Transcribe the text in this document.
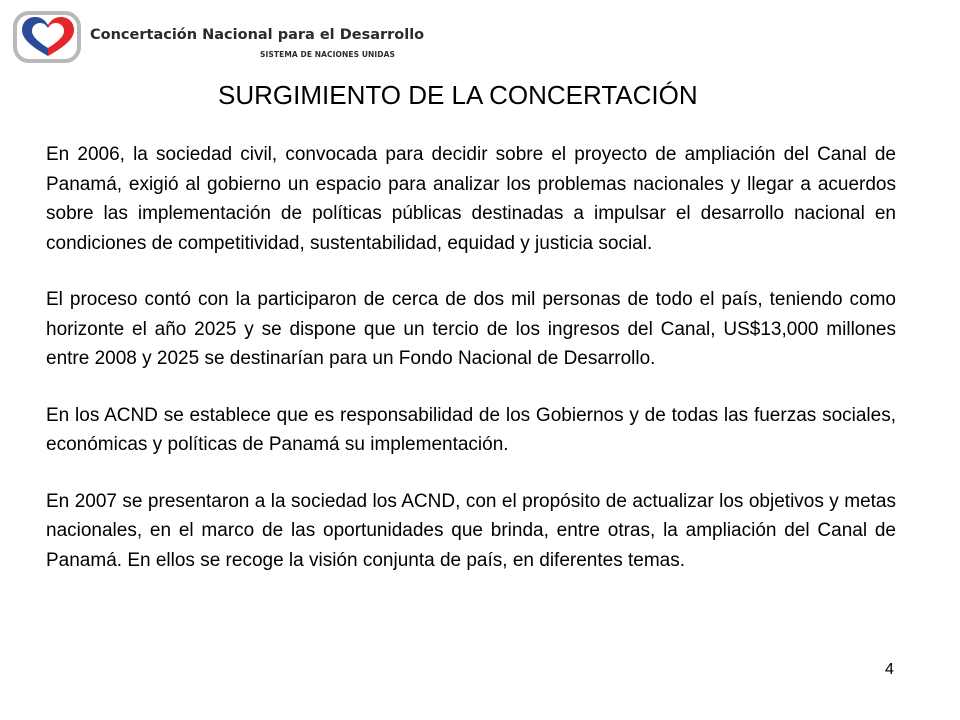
Concertación Nacional para el Desarrollo
SISTEMA DE NACIONES UNIDAS
SURGIMIENTO DE LA CONCERTACIÓN

En 2006, la sociedad civil, convocada para decidir sobre el proyecto de ampliación del Canal de Panamá, exigió al gobierno un espacio para analizar los problemas nacionales y llegar a acuerdos sobre las implementación de políticas públicas destinadas a impulsar el desarrollo nacional en condiciones de competitividad, sustentabilidad, equidad y justicia social.

El proceso contó con la participaron de cerca de dos mil personas de todo el país, teniendo como horizonte el año 2025 y se dispone que un tercio de los ingresos del Canal, US$13,000 millones entre 2008 y 2025 se destinarían para un Fondo Nacional de Desarrollo.

En los ACND se establece que es responsabilidad de los Gobiernos y de todas las fuerzas sociales, económicas y políticas de Panamá su implementación.

En 2007 se presentaron a la sociedad los ACND, con el propósito de actualizar los objetivos y metas nacionales, en el marco de las oportunidades que brinda, entre otras, la ampliación del Canal de Panamá. En ellos se recoge la visión conjunta de país, en diferentes temas.

4
